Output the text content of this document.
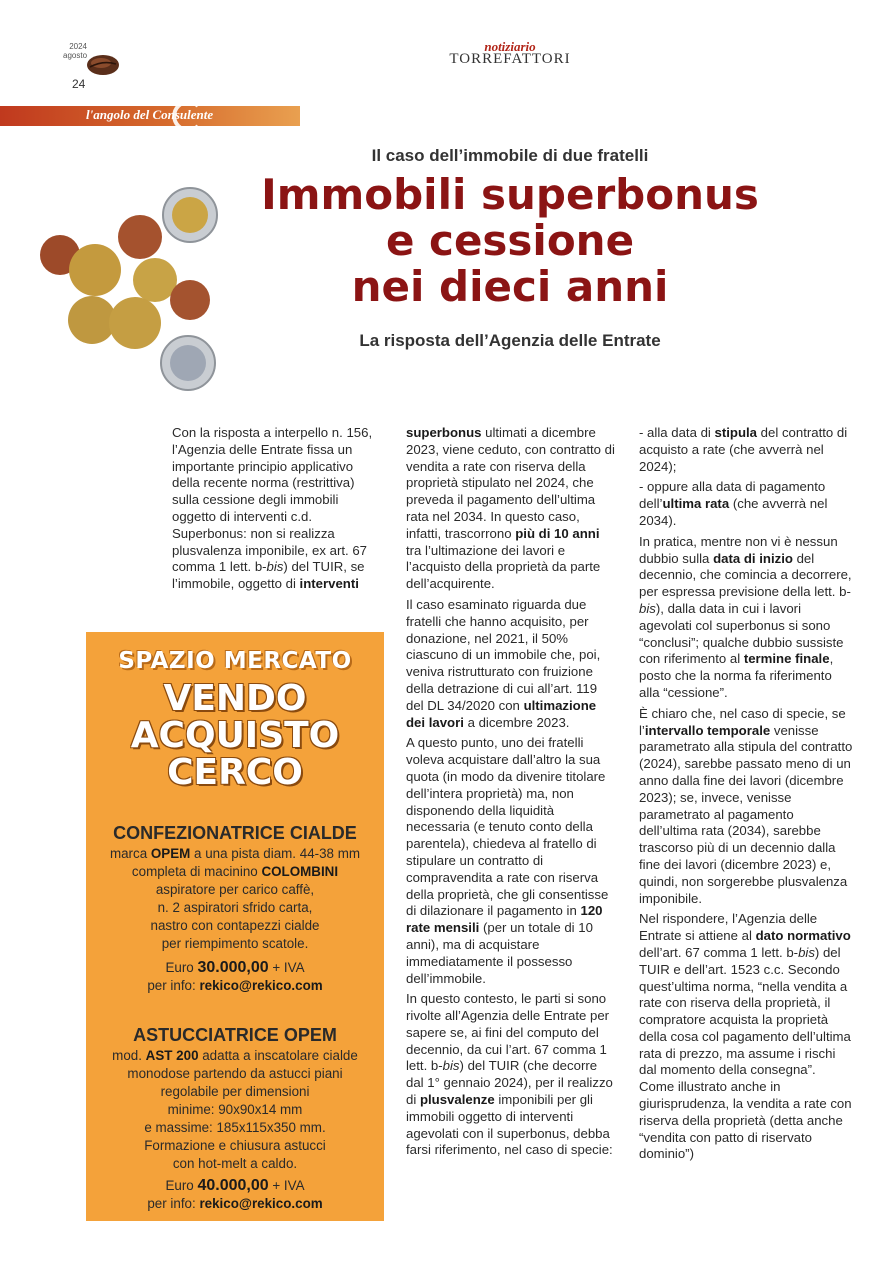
2024
agosto
24
notiziario
TORREFATTORI
l'angolo del Consulente
Il caso dell’immobile di due fratelli
Immobili superbonus
e cessione
nei dieci anni
La risposta dell’Agenzia delle Entrate

Con la risposta a interpello n. 156, l’Agenzia delle Entrate fissa un importante principio applicativo della recente norma (restrittiva) sulla cessione degli immobili oggetto di interventi c.d. Superbonus: non si realizza plusvalenza imponibile, ex art. 67 comma 1 lett. b-bis) del TUIR, se l’immobile, oggetto di interventi

SPAZIO MERCATO
VENDO
ACQUISTO
CERCO
CONFEZIONATRICE CIALDE
marca OPEM a una pista diam. 44-38 mm
completa di macinino COLOMBINI
aspiratore per carico caffè,
n. 2 aspiratori sfrido carta,
nastro con contapezzi cialde
per riempimento scatole.
Euro 30.000,00 + IVA
per info: rekico@rekico.com
ASTUCCIATRICE OPEM
mod. AST 200 adatta a inscatolare cialde
monodose partendo da astucci piani
regolabile per dimensioni
minime: 90x90x14 mm
e massime: 185x115x350 mm.
Formazione e chiusura astucci
con hot-melt a caldo.
Euro 40.000,00 + IVA
per info: rekico@rekico.com

superbonus ultimati a dicembre 2023, viene ceduto, con contratto di vendita a rate con riserva della proprietà stipulato nel 2024, che preveda il pagamento dell’ultima rata nel 2034. In questo caso, infatti, trascorrono più di 10 anni tra l’ultimazione dei lavori e l’acquisto della proprietà da parte dell’acquirente.

Il caso esaminato riguarda due fratelli che hanno acquisito, per donazione, nel 2021, il 50% ciascuno di un immobile che, poi, veniva ristrutturato con fruizione della detrazione di cui all’art. 119 del DL 34/2020 con ultimazione dei lavori a dicembre 2023.

A questo punto, uno dei fratelli voleva acquistare dall’altro la sua quota (in modo da divenire titolare dell’intera proprietà) ma, non disponendo della liquidità necessaria (e tenuto conto della parentela), chiedeva al fratello di stipulare un contratto di compravendita a rate con riserva della proprietà, che gli consentisse di dilazionare il pagamento in 120 rate mensili (per un totale di 10 anni), ma di acquistare immediatamente il possesso dell’immobile.

In questo contesto, le parti si sono rivolte all’Agenzia delle Entrate per sapere se, ai fini del computo del decennio, da cui l’art. 67 comma 1 lett. b-bis) del TUIR (che decorre dal 1° gennaio 2024), per il realizzo di plusvalenze imponibili per gli immobili oggetto di interventi agevolati con il superbonus, debba farsi riferimento, nel caso di specie:

- alla data di stipula del contratto di acquisto a rate (che avverrà nel 2024);

- oppure alla data di pagamento dell’ultima rata (che avverrà nel 2034).

In pratica, mentre non vi è nessun dubbio sulla data di inizio del decennio, che comincia a decorrere, per espressa previsione della lett. b-bis), dalla data in cui i lavori agevolati col superbonus si sono “conclusi”; qualche dubbio sussiste con riferimento al termine finale, posto che la norma fa riferimento alla “cessione”.

È chiaro che, nel caso di specie, se l’intervallo temporale venisse parametrato alla stipula del contratto (2024), sarebbe passato meno di un anno dalla fine dei lavori (dicembre 2023); se, invece, venisse parametrato al pagamento dell’ultima rata (2034), sarebbe trascorso più di un decennio dalla fine dei lavori (dicembre 2023) e, quindi, non sorgerebbe plusvalenza imponibile.

Nel rispondere, l’Agenzia delle Entrate si attiene al dato normativo dell’art. 67 comma 1 lett. b-bis) del TUIR e dell’art. 1523 c.c. Secondo quest’ultima norma, “nella vendita a rate con riserva della proprietà, il compratore acquista la proprietà della cosa col pagamento dell’ultima rata di prezzo, ma assume i rischi dal momento della consegna”. Come illustrato anche in giurisprudenza, la vendita a rate con riserva della proprietà (detta anche “vendita con patto di riservato dominio”)
